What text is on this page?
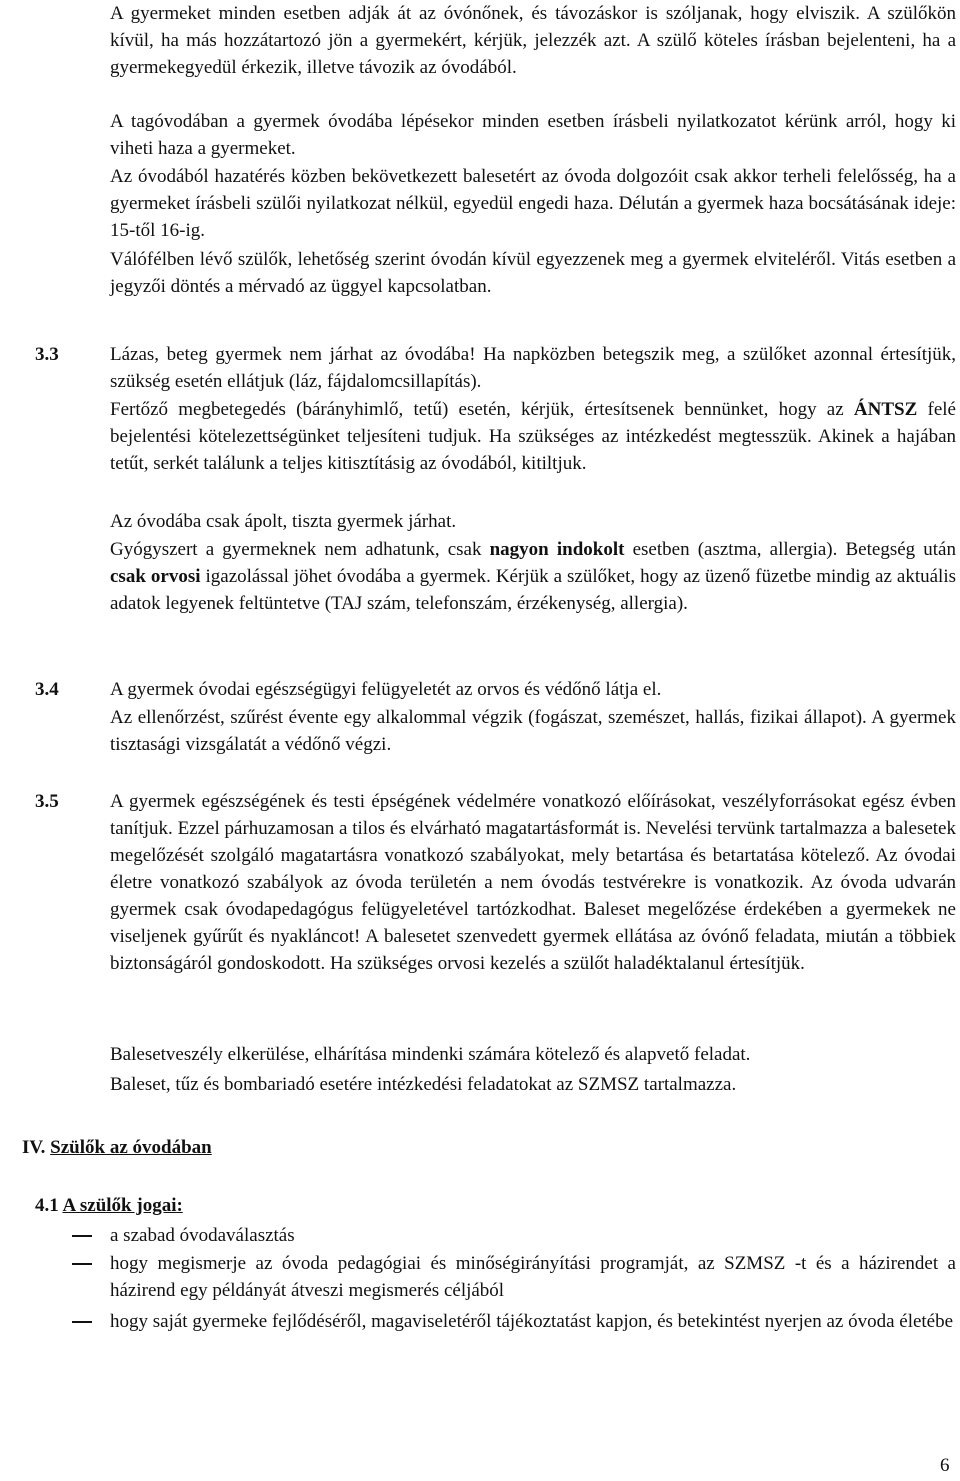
A gyermeket minden esetben adják át az óvónőnek, és távozáskor is szóljanak, hogy elviszik. A szülőkön kívül, ha más hozzátartozó jön a gyermekért, kérjük, jelezzék azt. A szülő köteles írásban bejelenteni, ha a gyermekegyedül érkezik, illetve távozik az óvodából.

A tagóvodában a gyermek óvodába lépésekor minden esetben írásbeli nyilatkozatot kérünk arról, hogy ki viheti haza a gyermeket.

Az óvodából hazatérés közben bekövetkezett balesetért az óvoda dolgozóit csak akkor terheli felelősség, ha a gyermeket írásbeli szülői nyilatkozat nélkül, egyedül engedi haza. Délután a gyermek haza bocsátásának ideje: 15-től 16-ig.

Válófélben lévő szülők, lehetőség szerint óvodán kívül egyezzenek meg a gyermek elviteléről. Vitás esetben a jegyzői döntés a mérvadó az üggyel kapcsolatban.

3.3	Lázas, beteg gyermek nem járhat az óvodába! Ha napközben betegszik meg, a szülőket azonnal értesítjük, szükség esetén ellátjuk (láz, fájdalomcsillapítás).

Fertőző megbetegedés (bárányhimlő, tetű) esetén, kérjük, értesítsenek bennünket, hogy az ÁNTSZ felé bejelentési kötelezettségünket teljesíteni tudjuk. Ha szükséges az intézkedést megtesszük. Akinek a hajában tetűt, serkét találunk a teljes kitisztításig az óvodából, kitiltjuk.

Az óvodába csak ápolt, tiszta gyermek járhat.

Gyógyszert a gyermeknek nem adhatunk, csak nagyon indokolt esetben (asztma, allergia). Betegség után csak orvosi igazolással jöhet óvodába a gyermek. Kérjük a szülőket, hogy az üzenő füzetbe mindig az aktuális adatok legyenek feltüntetve (TAJ szám, telefonszám, érzékenység, allergia).

3.4	A gyermek óvodai egészségügyi felügyeletét az orvos és védőnő látja el.

Az ellenőrzést, szűrést évente egy alkalommal végzik (fogászat, szemészet, hallás, fizikai állapot). A gyermek tisztasági vizsgálatát a védőnő végzi.

3.5	A gyermek egészségének és testi épségének védelmére vonatkozó előírásokat, veszélyforrásokat egész évben tanítjuk. Ezzel párhuzamosan a tilos és elvárható magatartásformát is. Nevelési tervünk tartalmazza a balesetek megelőzését szolgáló magatartásra vonatkozó szabályokat, mely betartása és betartatása kötelező. Az óvodai életre vonatkozó szabályok az óvoda területén a nem óvodás testvérekre is vonatkozik. Az óvoda udvarán gyermek csak óvodapedagógus felügyeletével tartózkodhat. Baleset megelőzése érdekében a gyermekek ne viseljenek gyűrűt és nyakláncot! A balesetet szenvedett gyermek ellátása az óvónő feladata, miután a többiek biztonságáról gondoskodott. Ha szükséges orvosi kezelés a szülőt haladéktalanul értesítjük.

Balesetveszély elkerülése, elhárítása mindenki számára kötelező és alapvető feladat.

Baleset, tűz és bombariadó esetére intézkedési feladatokat az SZMSZ tartalmazza.

IV. Szülők az óvodában
4.1 A szülők jogai:

a szabad óvodaválasztás

hogy megismerje az óvoda pedagógiai és minőségirányítási programját, az SZMSZ -t és a házirendet a házirend egy példányát átveszi megismerés céljából

hogy saját gyermeke fejlődéséről, magaviseletéről tájékoztatást kapjon, és betekintést nyerjen az óvoda életébe

6
